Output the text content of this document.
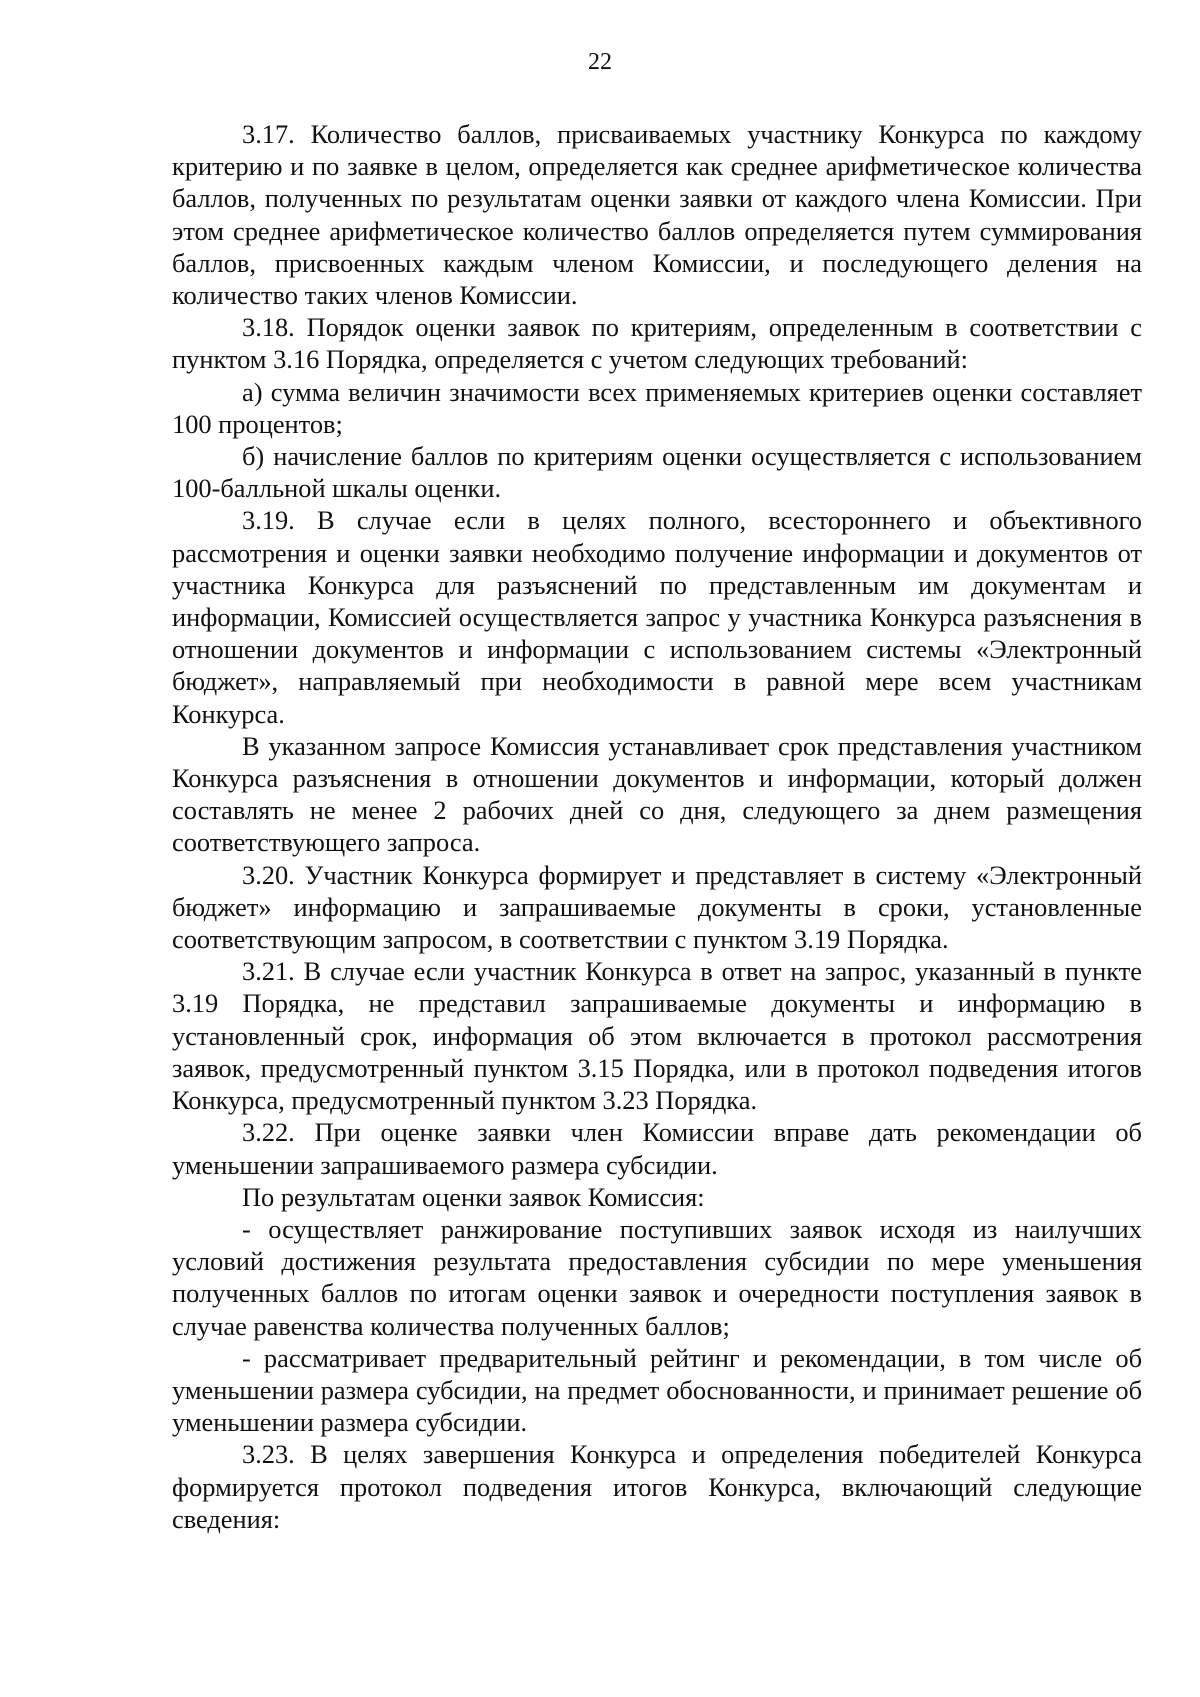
22

3.17. Количество баллов, присваиваемых участнику Конкурса по каждому критерию и по заявке в целом, определяется как среднее арифметическое количества баллов, полученных по результатам оценки заявки от каждого члена Комиссии. При этом среднее арифметическое количество баллов определяется путем суммирования баллов, присвоенных каждым членом Комиссии, и последующего деления на количество таких членов Комиссии.

3.18. Порядок оценки заявок по критериям, определенным в соответствии с пунктом 3.16 Порядка, определяется с учетом следующих требований:

а) сумма величин значимости всех применяемых критериев оценки составляет 100 процентов;

б) начисление баллов по критериям оценки осуществляется с использованием 100-балльной шкалы оценки.

3.19. В случае если в целях полного, всестороннего и объективного рассмотрения и оценки заявки необходимо получение информации и документов от участника Конкурса для разъяснений по представленным им документам и информации, Комиссией осуществляется запрос у участника Конкурса разъяснения в отношении документов и информации с использованием системы «Электронный бюджет», направляемый при необходимости в равной мере всем участникам Конкурса.

В указанном запросе Комиссия устанавливает срок представления участником Конкурса разъяснения в отношении документов и информации, который должен составлять не менее 2 рабочих дней со дня, следующего за днем размещения соответствующего запроса.

3.20. Участник Конкурса формирует и представляет в систему «Электронный бюджет» информацию и запрашиваемые документы в сроки, установленные соответствующим запросом, в соответствии с пунктом 3.19 Порядка.

3.21. В случае если участник Конкурса в ответ на запрос, указанный в пункте 3.19 Порядка, не представил запрашиваемые документы и информацию в установленный срок, информация об этом включается в протокол рассмотрения заявок, предусмотренный пунктом 3.15 Порядка, или в протокол подведения итогов Конкурса, предусмотренный пунктом 3.23 Порядка.

3.22. При оценке заявки член Комиссии вправе дать рекомендации об уменьшении запрашиваемого размера субсидии.

По результатам оценки заявок Комиссия:

- осуществляет ранжирование поступивших заявок исходя из наилучших условий достижения результата предоставления субсидии по мере уменьшения полученных баллов по итогам оценки заявок и очередности поступления заявок в случае равенства количества полученных баллов;

- рассматривает предварительный рейтинг и рекомендации, в том числе об уменьшении размера субсидии, на предмет обоснованности, и принимает решение об уменьшении размера субсидии.

3.23. В целях завершения Конкурса и определения победителей Конкурса формируется протокол подведения итогов Конкурса, включающий следующие сведения:
